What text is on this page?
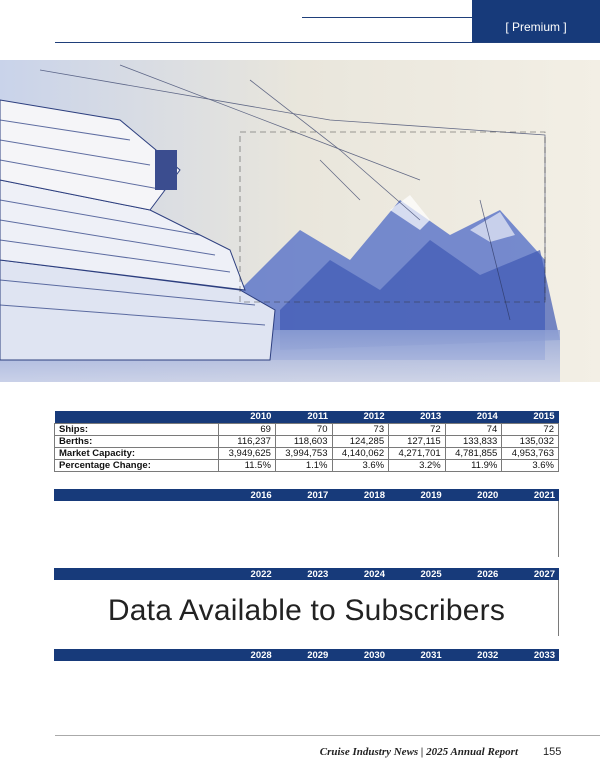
[ Premium ]
	2010	2011	2012	2013	2014	2015
Ships:	69	70	73	72	74	72
Berths:	116,237	118,603	124,285	127,115	133,833	135,032
Market Capacity:	3,949,625	3,994,753	4,140,062	4,271,701	4,781,855	4,953,763
Percentage Change:	11.5%	1.1%	3.6%	3.2%	11.9%	3.6%
	2016	2017	2018	2019	2020	2021
	2022	2023	2024	2025	2026	2027
Data Available to Subscribers
	2028	2029	2030	2031	2032	2033
Cruise Industry News | 2025 Annual Report	155
